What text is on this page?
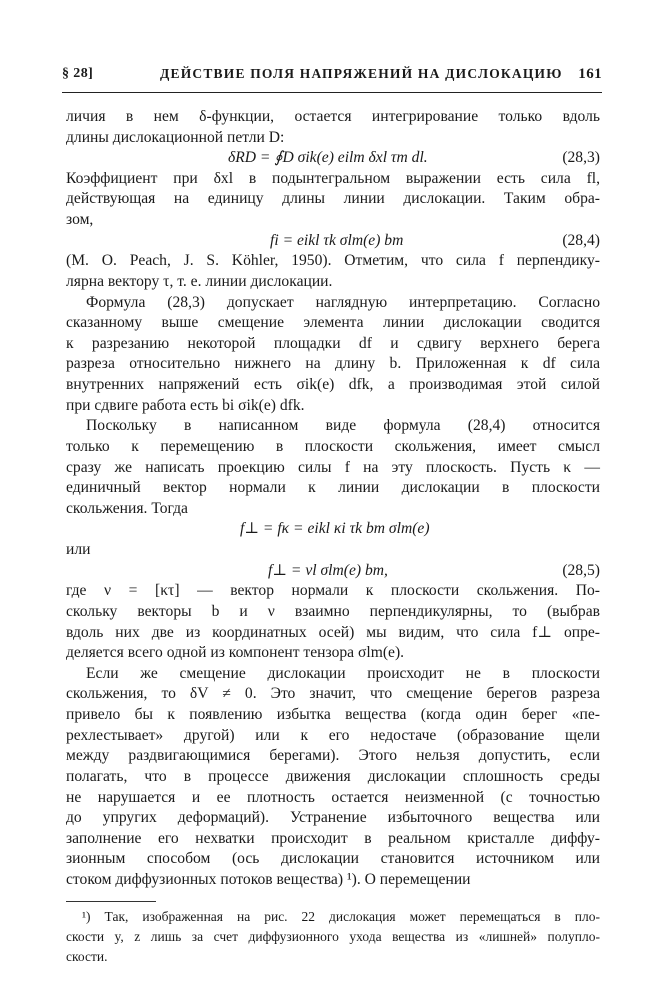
§ 28]	ДЕЙСТВИЕ ПОЛЯ НАПРЯЖЕНИЙ НА ДИСЛОКАЦИЮ 161
личия в нем δ-функции, остается интегрирование только вдоль
длины дислокационной петли D:
δRD = ∮D σik(e) eilm δxl τm dl.	(28,3)
Коэффициент при δxl в подынтегральном выражении есть сила fl,
действующая на единицу длины линии дислокации. Таким обра-
зом,
fi = eikl τk σlm(e) bm	(28,4)
(M. O. Peach, J. S. Köhler, 1950). Отметим, что сила f перпендику-
лярна вектору τ, т. е. линии дислокации.
Формула (28,3) допускает наглядную интерпретацию. Согласно
сказанному выше смещение элемента линии дислокации сводится
к разрезанию некоторой площадки df и сдвигу верхнего берега
разреза относительно нижнего на длину b. Приложенная к df сила
внутренних напряжений есть σik(e) dfk, а производимая этой силой
при сдвиге работа есть bi σik(e) dfk.
Поскольку в написанном виде формула (28,4) относится
только к перемещению в плоскости скольжения, имеет смысл
сразу же написать проекцию силы f на эту плоскость. Пусть κ —
единичный вектор нормали к линии дислокации в плоскости
скольжения. Тогда
f⊥ = fκ = eikl κi τk bm σlm(e)
или
f⊥ = νl σlm(e) bm,	(28,5)
где ν = [κτ] — вектор нормали к плоскости скольжения. По-
скольку векторы b и ν взаимно перпендикулярны, то (выбрав
вдоль них две из координатных осей) мы видим, что сила f⊥ опре-
деляется всего одной из компонент тензора σlm(e).
Если же смещение дислокации происходит не в плоскости
скольжения, то δV ≠ 0. Это значит, что смещение берегов разреза
¹) Так, изображенная на рис. 22 дислокация может перемещаться в пло-
скости y, z лишь за счет диффузионного ухода вещества из «лишней» полупло-
скости.
привело бы к появлению избытка вещества (когда один берег «пе-
рехлестывает» другой) или к его недостаче (образование щели
между раздвигающимися берегами). Этого нельзя допустить, если
полагать, что в процессе движения дислокации сплошность среды
не нарушается и ее плотность остается неизменной (с точностью
до упругих деформаций). Устранение избыточного вещества или
заполнение его нехватки происходит в реальном кристалле диффу-
зионным способом (ось дислокации становится источником или
стоком диффузионных потоков вещества) ¹). О перемещении
